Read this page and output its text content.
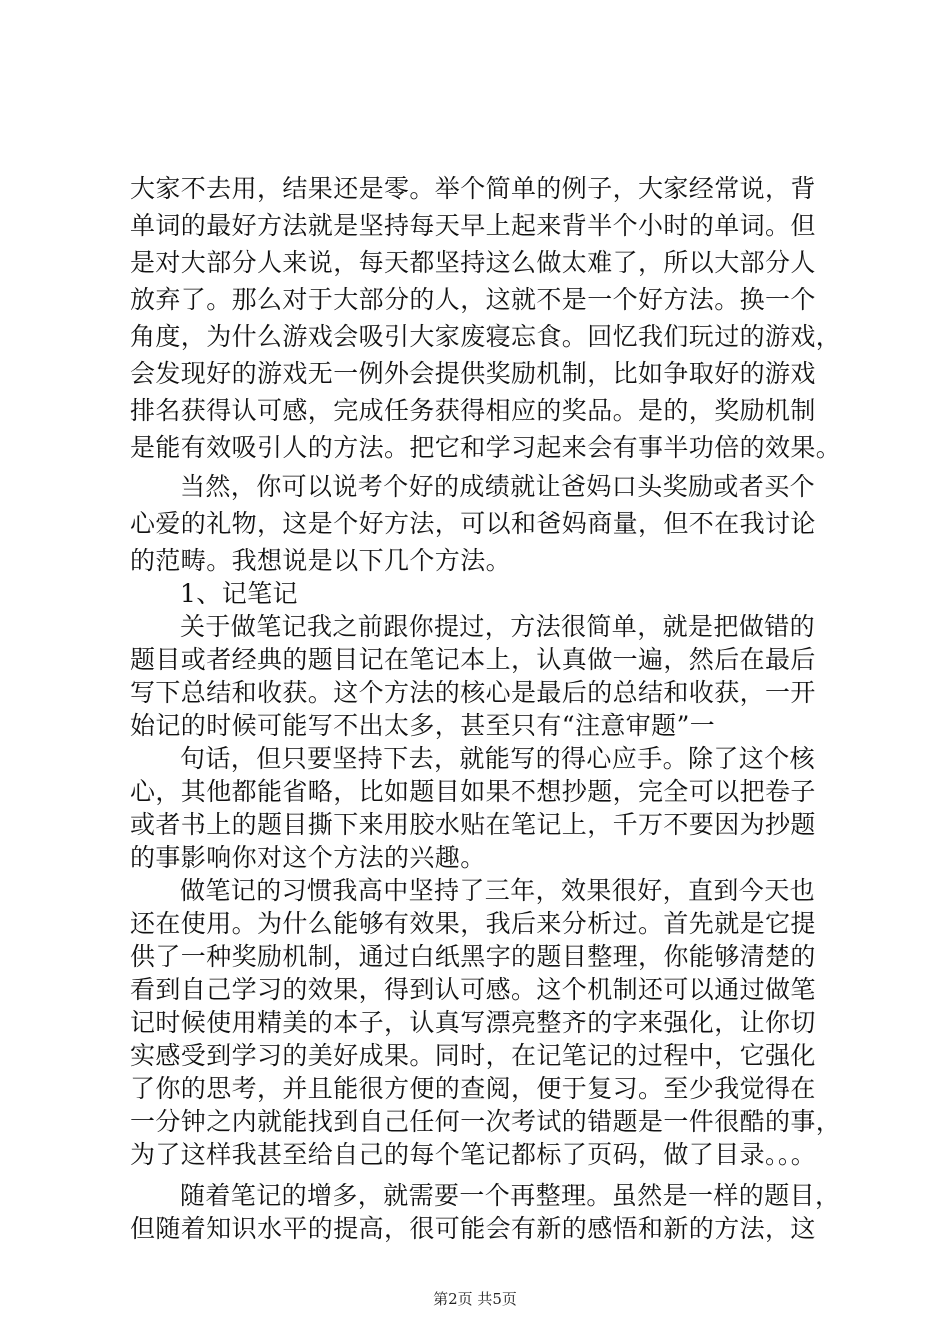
第2页 共5页
大家不去用，结果还是零。举个简单的例子，大家经常说，背
单词的最好方法就是坚持每天早上起来背半个小时的单词。但
是对大部分人来说，每天都坚持这么做太难了，所以大部分人
放弃了。那么对于大部分的人，这就不是一个好方法。换一个
角度，为什么游戏会吸引大家废寝忘食。回忆我们玩过的游戏，
会发现好的游戏无一例外会提供奖励机制，比如争取好的游戏
排名获得认可感，完成任务获得相应的奖品。是的，奖励机制
是能有效吸引人的方法。把它和学习起来会有事半功倍的效果。
当然，你可以说考个好的成绩就让爸妈口头奖励或者买个
心爱的礼物，这是个好方法，可以和爸妈商量，但不在我讨论
的范畴。我想说是以下几个方法。
1、记笔记
关于做笔记我之前跟你提过，方法很简单，就是把做错的
题目或者经典的题目记在笔记本上，认真做一遍，然后在最后
写下总结和收获。这个方法的核心是最后的总结和收获，一开
始记的时候可能写不出太多，甚至只有“注意审题”一
句话，但只要坚持下去，就能写的得心应手。除了这个核
心，其他都能省略，比如题目如果不想抄题，完全可以把卷子
或者书上的题目撕下来用胶水贴在笔记上，千万不要因为抄题
的事影响你对这个方法的兴趣。
做笔记的习惯我高中坚持了三年，效果很好，直到今天也
还在使用。为什么能够有效果，我后来分析过。首先就是它提
供了一种奖励机制，通过白纸黑字的题目整理，你能够清楚的
看到自己学习的效果，得到认可感。这个机制还可以通过做笔
记时候使用精美的本子，认真写漂亮整齐的字来强化，让你切
实感受到学习的美好成果。同时，在记笔记的过程中，它强化
了你的思考，并且能很方便的查阅，便于复习。至少我觉得在
一分钟之内就能找到自己任何一次考试的错题是一件很酷的事，
为了这样我甚至给自己的每个笔记都标了页码，做了目录。。。
随着笔记的增多，就需要一个再整理。虽然是一样的题目，
但随着知识水平的提高，很可能会有新的感悟和新的方法，这
